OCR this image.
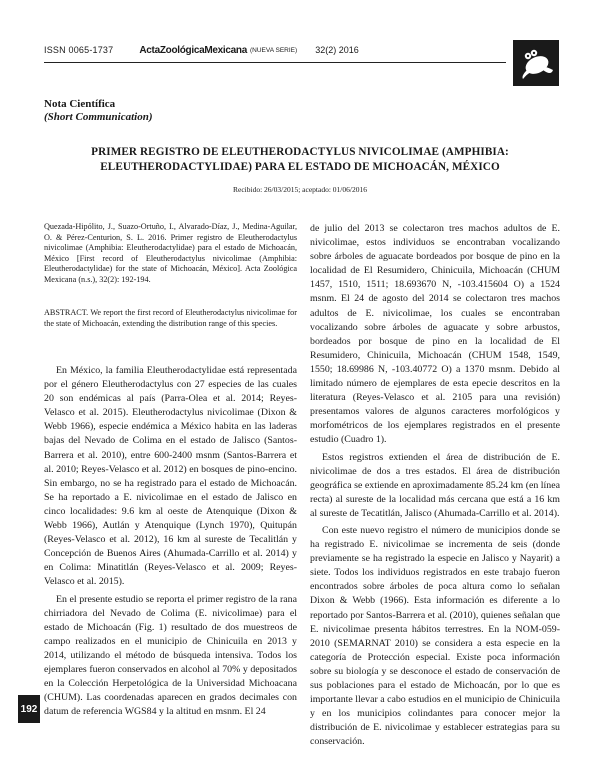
ISSN 0065-1737	ActaZoológicaMexicana (NUEVA SERIE) 32(2) 2016
Nota Científica
(Short Communication)
PRIMER REGISTRO DE ELEUTHERODACTYLUS NIVICOLIMAE (AMPHIBIA: ELEUTHERODACTYLIDAE) PARA EL ESTADO DE MICHOACÁN, MÉXICO
Recibido: 26/03/2015; aceptado: 01/06/2016
Quezada-Hipólito, J., Suazo-Ortuño, I., Alvarado-Díaz, J., Medina-Aguilar, O. & Pérez-Centurion, S. L. 2016. Primer registro de Eleutherodactylus nivicolimae (Amphibia: Eleutherodactylidae) para el estado de Michoacán, México [First record of Eleutherodactylus nivicolimae (Amphibia: Eleutherodactylidae) for the state of Michoacán, México]. Acta Zoológica Mexicana (n.s.), 32(2): 192-194.
ABSTRACT. We report the first record of Eleutherodactylus nivicolimae for the state of Michoacán, extending the distribution range of this species.

En México, la familia Eleutherodactylidae está representada por el género Eleutherodactylus con 27 especies de las cuales 20 son endémicas al país (Parra-Olea et al. 2014; Reyes-Velasco et al. 2015). Eleutherodactylus nivicolimae (Dixon & Webb 1966), especie endémica a México habita en las laderas bajas del Nevado de Colima en el estado de Jalisco (Santos-Barrera et al. 2010), entre 600-2400 msnm (Santos-Barrera et al. 2010; Reyes-Velasco et al. 2012) en bosques de pino-encino. Sin embargo, no se ha registrado para el estado de Michoacán. Se ha reportado a E. nivicolimae en el estado de Jalisco en cinco localidades: 9.6 km al oeste de Atenquique (Dixon & Webb 1966), Autlán y Atenquique (Lynch 1970), Quitupán (Reyes-Velasco et al. 2012), 16 km al sureste de Tecalitlán y Concepción de Buenos Aires (Ahumada-Carrillo et al. 2014) y en Colima: Minatitlán (Reyes-Velasco et al. 2009; Reyes-Velasco et al. 2015).

En el presente estudio se reporta el primer registro de la rana chirriadora del Nevado de Colima (E. nivicolimae) para el estado de Michoacán (Fig. 1) resultado de dos muestreos de campo realizados en el municipio de Chinicuila en 2013 y 2014, utilizando el método de búsqueda intensiva. Todos los ejemplares fueron conservados en alcohol al 70% y depositados en la Colección Herpetológica de la Universidad Michoacana (CHUM). Las coordenadas aparecen en grados decimales con datum de referencia WGS84 y la altitud en msnm. El 24

de julio del 2013 se colectaron tres machos adultos de E. nivicolimae, estos individuos se encontraban vocalizando sobre árboles de aguacate bordeados por bosque de pino en la localidad de El Resumidero, Chinicuila, Michoacán (CHUM 1457, 1510, 1511; 18.693670 N, -103.415604 O) a 1524 msnm. El 24 de agosto del 2014 se colectaron tres machos adultos de E. nivicolimae, los cuales se encontraban vocalizando sobre árboles de aguacate y sobre arbustos, bordeados por bosque de pino en la localidad de El Resumidero, Chinicuila, Michoacán (CHUM 1548, 1549, 1550; 18.69986 N, -103.40772 O) a 1370 msnm. Debido al limitado número de ejemplares de esta epecie descritos en la literatura (Reyes-Velasco et al. 2105 para una revisión) presentamos valores de algunos caracteres morfológicos y morfométricos de los ejemplares registrados en el presente estudio (Cuadro 1).

Estos registros extienden el área de distribución de E. nivicolimae de dos a tres estados. El área de distribución geográfica se extiende en aproximadamente 85.24 km (en línea recta) al sureste de la localidad más cercana que está a 16 km al sureste de Tecatitlán, Jalisco (Ahumada-Carrillo et al. 2014).

Con este nuevo registro el número de municipios donde se ha registrado E. nivicolimae se incrementa de seis (donde previamente se ha registrado la especie en Jalisco y Nayarit) a siete. Todos los individuos registrados en este trabajo fueron encontrados sobre árboles de poca altura como lo señalan Dixon & Webb (1966). Esta información es diferente a lo reportado por Santos-Barrera et al. (2010), quienes señalan que E. nivicolimae presenta hábitos terrestres. En la NOM-059-2010 (SEMARNAT 2010) se considera a esta especie en la categoría de Protección especial. Existe poca información sobre su biología y se desconoce el estado de conservación de sus poblaciones para el estado de Michoacán, por lo que es importante llevar a cabo estudios en el municipio de Chinicuila y en los municipios colindantes para conocer mejor la distribución de E. nivicolimae y establecer estrategias para su conservación.

192
